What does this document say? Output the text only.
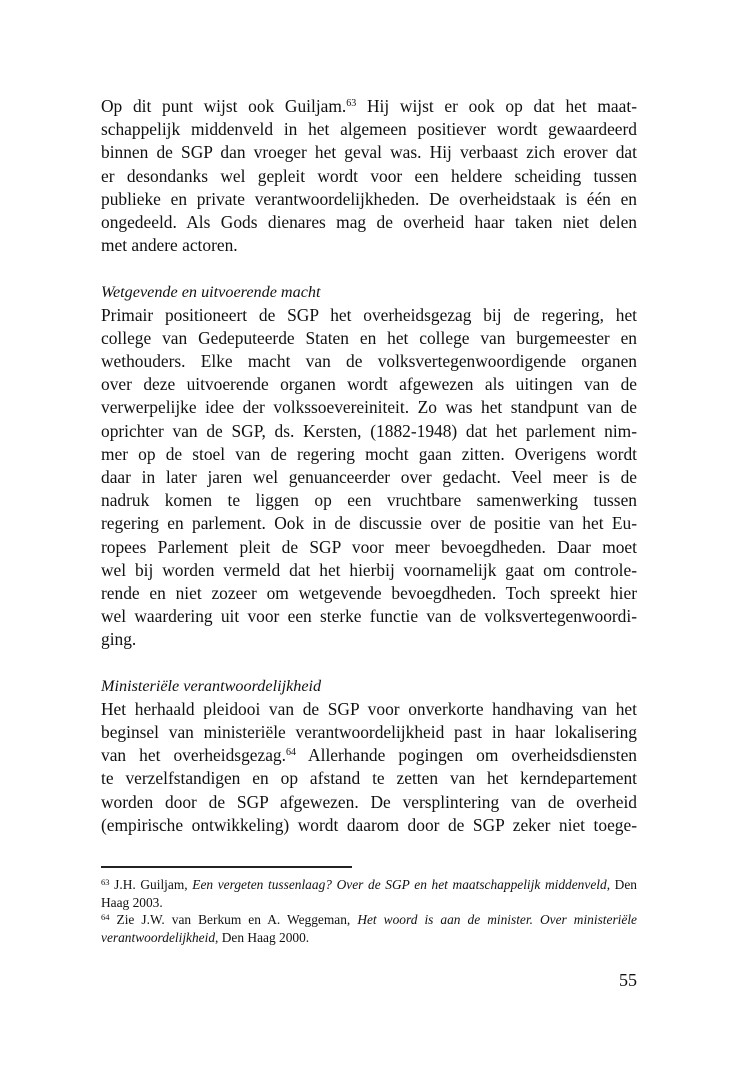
Op dit punt wijst ook Guiljam.$^{63}$ Hij wijst er ook op dat het maat-
schappelijk middenveld in het algemeen positiever wordt gewaardeerd
binnen de SGP dan vroeger het geval was. Hij verbaast zich erover dat
er desondanks wel gepleit wordt voor een heldere scheiding tussen
publieke en private verantwoordelijkheden. De overheidstaak is één en
ongedeeld. Als Gods dienares mag de overheid haar taken niet delen
met andere actoren.
Wetgevende en uitvoerende macht
Primair positioneert de SGP het overheidsgezag bij de regering, het
college van Gedeputeerde Staten en het college van burgemeester en
wethouders. Elke macht van de volksvertegenwoordigende organen
over deze uitvoerende organen wordt afgewezen als uitingen van de
verwerpelijke idee der volkssoevereiniteit. Zo was het standpunt van de
oprichter van de SGP, ds. Kersten, (1882-1948) dat het parlement nim-
mer op de stoel van de regering mocht gaan zitten. Overigens wordt
daar in later jaren wel genuanceerder over gedacht. Veel meer is de
nadruk komen te liggen op een vruchtbare samenwerking tussen
regering en parlement. Ook in de discussie over de positie van het Eu-
ropees Parlement pleit de SGP voor meer bevoegdheden. Daar moet
wel bij worden vermeld dat het hierbij voornamelijk gaat om controle-
rende en niet zozeer om wetgevende bevoegdheden. Toch spreekt hier
wel waardering uit voor een sterke functie van de volksvertegenwoordi-
ging.
Ministeriële verantwoordelijkheid
Het herhaald pleidooi van de SGP voor onverkorte handhaving van het
beginsel van ministeriële verantwoordelijkheid past in haar lokalisering
van het overheidsgezag.$^{64}$ Allerhande pogingen om overheidsdiensten
te verzelfstandigen en op afstand te zetten van het kerndepartement
worden door de SGP afgewezen. De versplintering van de overheid
(empirische ontwikkeling) wordt daarom door de SGP zeker niet toege-
$^{63}$ J.H. Guiljam, Een vergeten tussenlaag? Over de SGP en het maatschappelijk middenveld, Den
Haag 2003.
$^{64}$ Zie J.W. van Berkum en A. Weggeman, Het woord is aan de minister. Over ministeriële
verantwoordelijkheid, Den Haag 2000.
55
